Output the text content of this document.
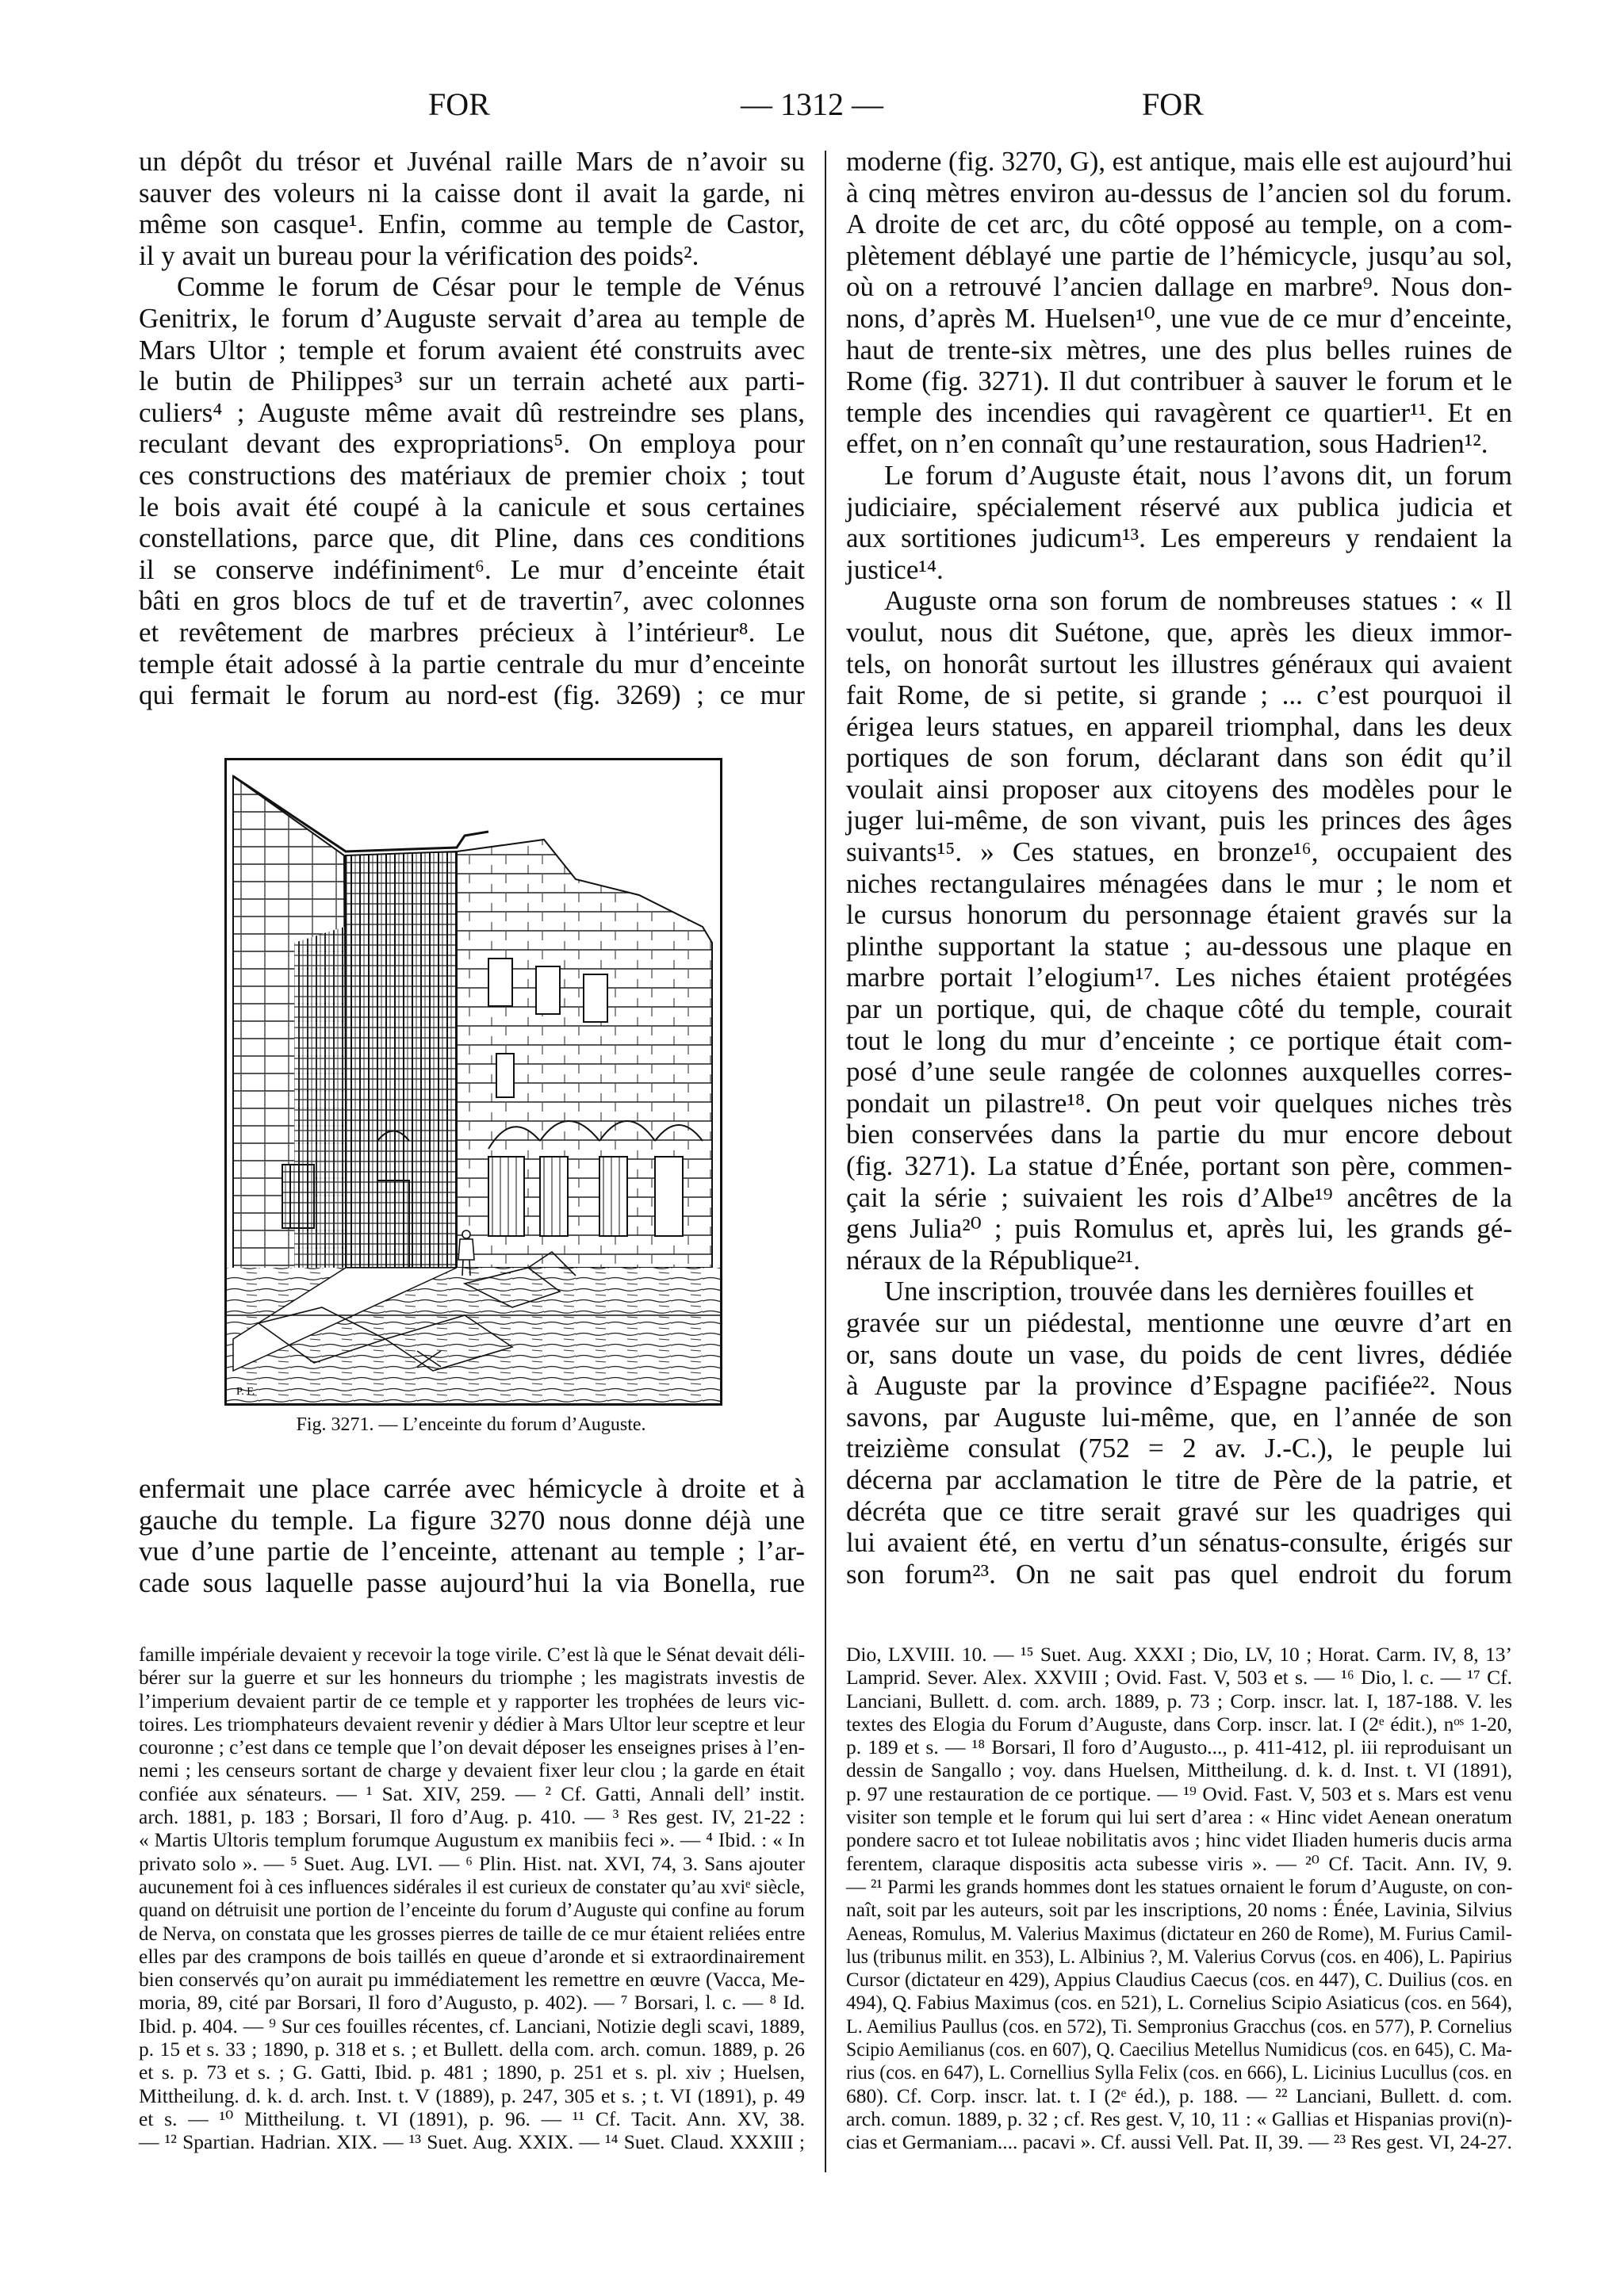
FOR	— 1312 —	FOR
un dépôt du trésor et Juvénal raille Mars de n’avoir su
sauver des voleurs ni la caisse dont il avait la garde, ni
même son casque¹. Enfin, comme au temple de Castor,
il y avait un bureau pour la vérification des poids².
Comme le forum de César pour le temple de Vénus
Genitrix, le forum d’Auguste servait d’area au temple de
Mars Ultor ; temple et forum avaient été construits avec
le butin de Philippes³ sur un terrain acheté aux parti-
culiers⁴ ; Auguste même avait dû restreindre ses plans,
reculant devant des expropriations⁵. On employa pour
ces constructions des matériaux de premier choix ; tout
le bois avait été coupé à la canicule et sous certaines
constellations, parce que, dit Pline, dans ces conditions
il se conserve indéfiniment⁶. Le mur d’enceinte était
bâti en gros blocs de tuf et de travertin⁷, avec colonnes
et revêtement de marbres précieux à l’intérieur⁸. Le
temple était adossé à la partie centrale du mur d’enceinte
qui fermait le forum au nord-est (fig. 3269) ; ce mur
P. F.
Fig. 3271. — L’enceinte du forum d’Auguste.
enfermait une place carrée avec hémicycle à droite et à
gauche du temple. La figure 3270 nous donne déjà une
vue d’une partie de l’enceinte, attenant au temple ; l’ar-
cade sous laquelle passe aujourd’hui la via Bonella, rue
famille impériale devaient y recevoir la toge virile. C’est là que le Sénat devait déli-
bérer sur la guerre et sur les honneurs du triomphe ; les magistrats investis de
l’imperium devaient partir de ce temple et y rapporter les trophées de leurs vic-
toires. Les triomphateurs devaient revenir y dédier à Mars Ultor leur sceptre et leur
couronne ; c’est dans ce temple que l’on devait déposer les enseignes prises à l’en-
nemi ; les censeurs sortant de charge y devaient fixer leur clou ; la garde en était
confiée aux sénateurs. — ¹ Sat. XIV, 259. — ² Cf. Gatti, Annali dell’ instit.
arch. 1881, p. 183 ; Borsari, Il foro d’Aug. p. 410. — ³ Res gest. IV, 21-22 :
« Martis Ultoris templum forumque Augustum ex manibiis feci ». — ⁴ Ibid. : « In
privato solo ». — ⁵ Suet. Aug. LVI. — ⁶ Plin. Hist. nat. XVI, 74, 3. Sans ajouter
aucunement foi à ces influences sidérales il est curieux de constater qu’au xviᵉ siècle,
quand on détruisit une portion de l’enceinte du forum d’Auguste qui confine au forum
de Nerva, on constata que les grosses pierres de taille de ce mur étaient reliées entre
elles par des crampons de bois taillés en queue d’aronde et si extraordinairement
bien conservés qu’on aurait pu immédiatement les remettre en œuvre (Vacca, Me-
moria, 89, cité par Borsari, Il foro d’Augusto, p. 402). — ⁷ Borsari, l. c. — ⁸ Id.
Ibid. p. 404. — ⁹ Sur ces fouilles récentes, cf. Lanciani, Notizie degli scavi, 1889,
p. 15 et s. 33 ; 1890, p. 318 et s. ; et Bullett. della com. arch. comun. 1889, p. 26
et s. p. 73 et s. ; G. Gatti, Ibid. p. 481 ; 1890, p. 251 et s. pl. xiv ; Huelsen,
Mittheilung. d. k. d. arch. Inst. t. V (1889), p. 247, 305 et s. ; t. VI (1891), p. 49
et s. — ¹⁰ Mittheilung. t. VI (1891), p. 96. — ¹¹ Cf. Tacit. Ann. XV, 38.
— ¹² Spartian. Hadrian. XIX. — ¹³ Suet. Aug. XXIX. — ¹⁴ Suet. Claud. XXXIII ;
moderne (fig. 3270, G), est antique, mais elle est aujourd’hui
à cinq mètres environ au-dessus de l’ancien sol du forum.
A droite de cet arc, du côté opposé au temple, on a com-
plètement déblayé une partie de l’hémicycle, jusqu’au sol,
où on a retrouvé l’ancien dallage en marbre⁹. Nous don-
nons, d’après M. Huelsen¹⁰, une vue de ce mur d’enceinte,
haut de trente-six mètres, une des plus belles ruines de
Rome (fig. 3271). Il dut contribuer à sauver le forum et le
temple des incendies qui ravagèrent ce quartier¹¹. Et en
effet, on n’en connaît qu’une restauration, sous Hadrien¹².
Le forum d’Auguste était, nous l’avons dit, un forum
judiciaire, spécialement réservé aux publica judicia et
aux sortitiones judicum¹³. Les empereurs y rendaient la
justice¹⁴.
Auguste orna son forum de nombreuses statues : « Il
voulut, nous dit Suétone, que, après les dieux immor-
tels, on honorât surtout les illustres généraux qui avaient
fait Rome, de si petite, si grande ; ... c’est pourquoi il
érigea leurs statues, en appareil triomphal, dans les deux
portiques de son forum, déclarant dans son édit qu’il
voulait ainsi proposer aux citoyens des modèles pour le
juger lui-même, de son vivant, puis les princes des âges
suivants¹⁵. » Ces statues, en bronze¹⁶, occupaient des
niches rectangulaires ménagées dans le mur ; le nom et
le cursus honorum du personnage étaient gravés sur la
plinthe supportant la statue ; au-dessous une plaque en
marbre portait l’elogium¹⁷. Les niches étaient protégées
par un portique, qui, de chaque côté du temple, courait
tout le long du mur d’enceinte ; ce portique était com-
posé d’une seule rangée de colonnes auxquelles corres-
pondait un pilastre¹⁸. On peut voir quelques niches très
bien conservées dans la partie du mur encore debout
(fig. 3271). La statue d’Énée, portant son père, commen-
çait la série ; suivaient les rois d’Albe¹⁹ ancêtres de la
gens Julia²⁰ ; puis Romulus et, après lui, les grands gé-
néraux de la République²¹.
Une inscription, trouvée dans les dernières fouilles et
gravée sur un piédestal, mentionne une œuvre d’art en
or, sans doute un vase, du poids de cent livres, dédiée
à Auguste par la province d’Espagne pacifiée²². Nous
savons, par Auguste lui-même, que, en l’année de son
treizième consulat (752 = 2 av. J.-C.), le peuple lui
décerna par acclamation le titre de Père de la patrie, et
décréta que ce titre serait gravé sur les quadriges qui
lui avaient été, en vertu d’un sénatus-consulte, érigés sur
son forum²³. On ne sait pas quel endroit du forum
Dio, LXVIII. 10. — ¹⁵ Suet. Aug. XXXI ; Dio, LV, 10 ; Horat. Carm. IV, 8, 13’
Lamprid. Sever. Alex. XXVIII ; Ovid. Fast. V, 503 et s. — ¹⁶ Dio, l. c. — ¹⁷ Cf.
Lanciani, Bullett. d. com. arch. 1889, p. 73 ; Corp. inscr. lat. I, 187-188. V. les
textes des Elogia du Forum d’Auguste, dans Corp. inscr. lat. I (2ᵉ édit.), nᵒˢ 1-20,
p. 189 et s. — ¹⁸ Borsari, Il foro d’Augusto..., p. 411-412, pl. iii reproduisant un
dessin de Sangallo ; voy. dans Huelsen, Mittheilung. d. k. d. Inst. t. VI (1891),
p. 97 une restauration de ce portique. — ¹⁹ Ovid. Fast. V, 503 et s. Mars est venu
visiter son temple et le forum qui lui sert d’area : « Hinc videt Aenean oneratum
pondere sacro et tot Iuleae nobilitatis avos ; hinc videt Iliaden humeris ducis arma
ferentem, claraque dispositis acta subesse viris ». — ²⁰ Cf. Tacit. Ann. IV, 9.
— ²¹ Parmi les grands hommes dont les statues ornaient le forum d’Auguste, on con-
naît, soit par les auteurs, soit par les inscriptions, 20 noms : Énée, Lavinia, Silvius
Aeneas, Romulus, M. Valerius Maximus (dictateur en 260 de Rome), M. Furius Camil-
lus (tribunus milit. en 353), L. Albinius ?, M. Valerius Corvus (cos. en 406), L. Papirius
Cursor (dictateur en 429), Appius Claudius Caecus (cos. en 447), C. Duilius (cos. en
494), Q. Fabius Maximus (cos. en 521), L. Cornelius Scipio Asiaticus (cos. en 564),
L. Aemilius Paullus (cos. en 572), Ti. Sempronius Gracchus (cos. en 577), P. Cornelius
Scipio Aemilianus (cos. en 607), Q. Caecilius Metellus Numidicus (cos. en 645), C. Ma-
rius (cos. en 647), L. Cornellius Sylla Felix (cos. en 666), L. Licinius Lucullus (cos. en
680). Cf. Corp. inscr. lat. t. I (2ᵉ éd.), p. 188. — ²² Lanciani, Bullett. d. com.
arch. comun. 1889, p. 32 ; cf. Res gest. V, 10, 11 : « Gallias et Hispanias provi(n)-
cias et Germaniam.... pacavi ». Cf. aussi Vell. Pat. II, 39. — ²³ Res gest. VI, 24-27.
